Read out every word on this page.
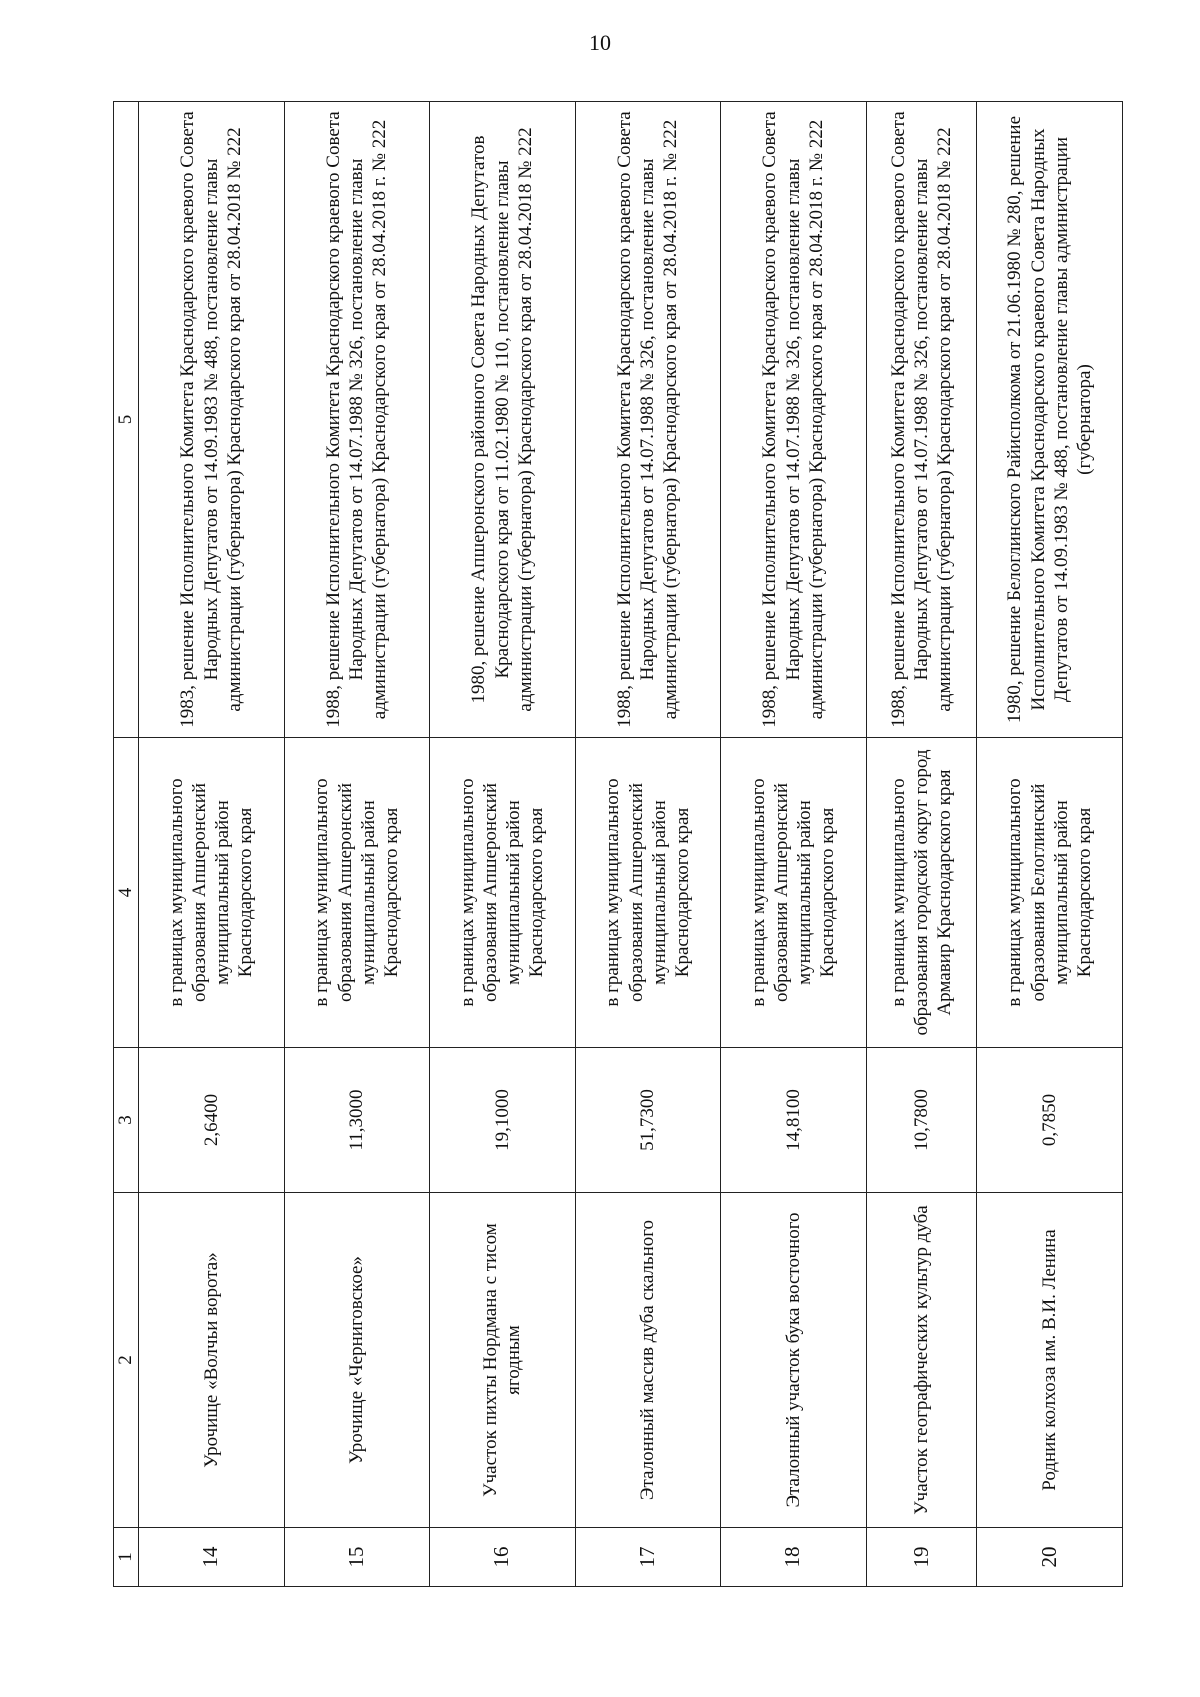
10
1	2	3	4	5
14	Урочище «Волчьи ворота»	2,6400	в границах муниципального образования Апшеронский муниципальный район Краснодарского края	1983, решение Исполнительного Комитета Краснодарского краевого Совета Народных Депутатов от 14.09.1983 № 488, постановление главы администрации (губернатора) Краснодарского края от 28.04.2018 № 222
15	Урочище «Черниговское»	11,3000	в границах муниципального образования Апшеронский муниципальный район Краснодарского края	1988, решение Исполнительного Комитета Краснодарского краевого Совета Народных Депутатов от 14.07.1988 № 326, постановление главы администрации (губернатора) Краснодарского края от 28.04.2018 г. № 222
16	Участок пихты Нордмана с тисом ягодным	19,1000	в границах муниципального образования Апшеронский муниципальный район Краснодарского края	1980, решение Апшеронского районного Совета Народных Депутатов Краснодарского края от 11.02.1980 № 110, постановление главы администрации (губернатора) Краснодарского края от 28.04.2018 № 222
17	Эталонный массив дуба скального	51,7300	в границах муниципального образования Апшеронский муниципальный район Краснодарского края	1988, решение Исполнительного Комитета Краснодарского краевого Совета Народных Депутатов от 14.07.1988 № 326, постановление главы администрации (губернатора) Краснодарского края от 28.04.2018 г. № 222
18	Эталонный участок бука восточного	14,8100	в границах муниципального образования Апшеронский муниципальный район Краснодарского края	1988, решение Исполнительного Комитета Краснодарского краевого Совета Народных Депутатов от 14.07.1988 № 326, постановление главы администрации (губернатора) Краснодарского края от 28.04.2018 г. № 222
19	Участок географических культур дуба	10,7800	в границах муниципального образования городской округ город Армавир Краснодарского края	1988, решение Исполнительного Комитета Краснодарского краевого Совета Народных Депутатов от 14.07.1988 № 326, постановление главы администрации (губернатора) Краснодарского края от 28.04.2018 № 222
20	Родник колхоза им. В.И. Ленина	0,7850	в границах муниципального образования Белоглинский муниципальный район Краснодарского края	1980, решение Белоглинского Райисполкома от 21.06.1980 № 280, решение Исполнительного Комитета Краснодарского краевого Совета Народных Депутатов от 14.09.1983 № 488, постановление главы администрации (губернатора)
